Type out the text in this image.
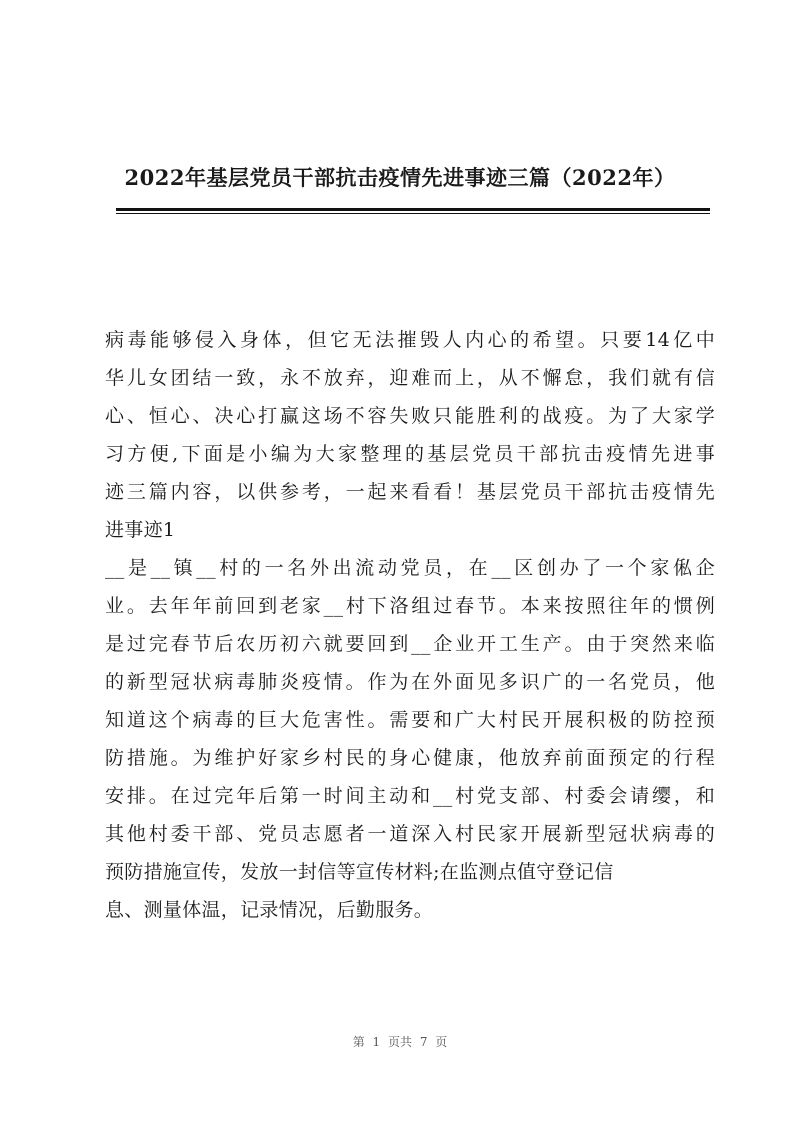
2022年基层党员干部抗击疫情先进事迹三篇（2022年）
病毒能够侵入身体，但它无法摧毁人内心的希望。只要14亿中
华儿女团结一致，永不放弃，迎难而上，从不懈怠，我们就有信
心、恒心、决心打赢这场不容失败只能胜利的战疫。为了大家学
习方便,下面是小编为大家整理的基层党员干部抗击疫情先进事
迹三篇内容，以供参考，一起来看看！基层党员干部抗击疫情先
进事迹1
__是__镇__村的一名外出流动党员，在__区创办了一个家俬企
业。去年年前回到老家__村下洛组过春节。本来按照往年的惯例
是过完春节后农历初六就要回到__企业开工生产。由于突然来临
的新型冠状病毒肺炎疫情。作为在外面见多识广的一名党员，他
知道这个病毒的巨大危害性。需要和广大村民开展积极的防控预
防措施。为维护好家乡村民的身心健康，他放弃前面预定的行程
安排。在过完年后第一时间主动和__村党支部、村委会请缨，和
其他村委干部、党员志愿者一道深入村民家开展新型冠状病毒的
预防措施宣传，发放一封信等宣传材料;在监测点值守登记信
息、测量体温，记录情况，后勤服务。
第 1 页共 7 页
